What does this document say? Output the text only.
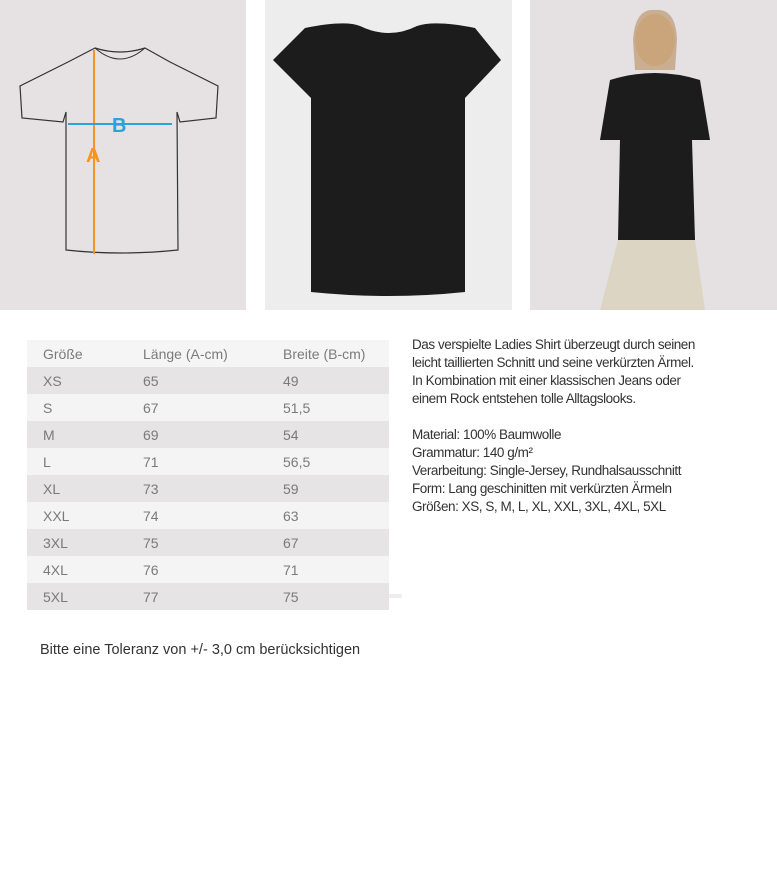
B
A
Größe	Länge (A-cm)	Breite (B-cm)
XS	65	49
S	67	51,5
M	69	54
L	71	56,5
XL	73	59
XXL	74	63
3XL	75	67
4XL	76	71
5XL	77	75

Das verspielte Ladies Shirt überzeugt durch seinen
leicht taillierten Schnitt und seine verkürzten Ärmel.
In Kombination mit einer klassischen Jeans oder
einem Rock entstehen tolle Alltagslooks.

Material: 100% Baumwolle
Grammatur: 140 g/m²
Verarbeitung: Single-Jersey, Rundhalsausschnitt
Form: Lang geschinitten mit verkürzten Ärmeln
Größen: XS, S, M, L, XL, XXL, 3XL, 4XL, 5XL

Bitte eine Toleranz von +/- 3,0 cm berücksichtigen
